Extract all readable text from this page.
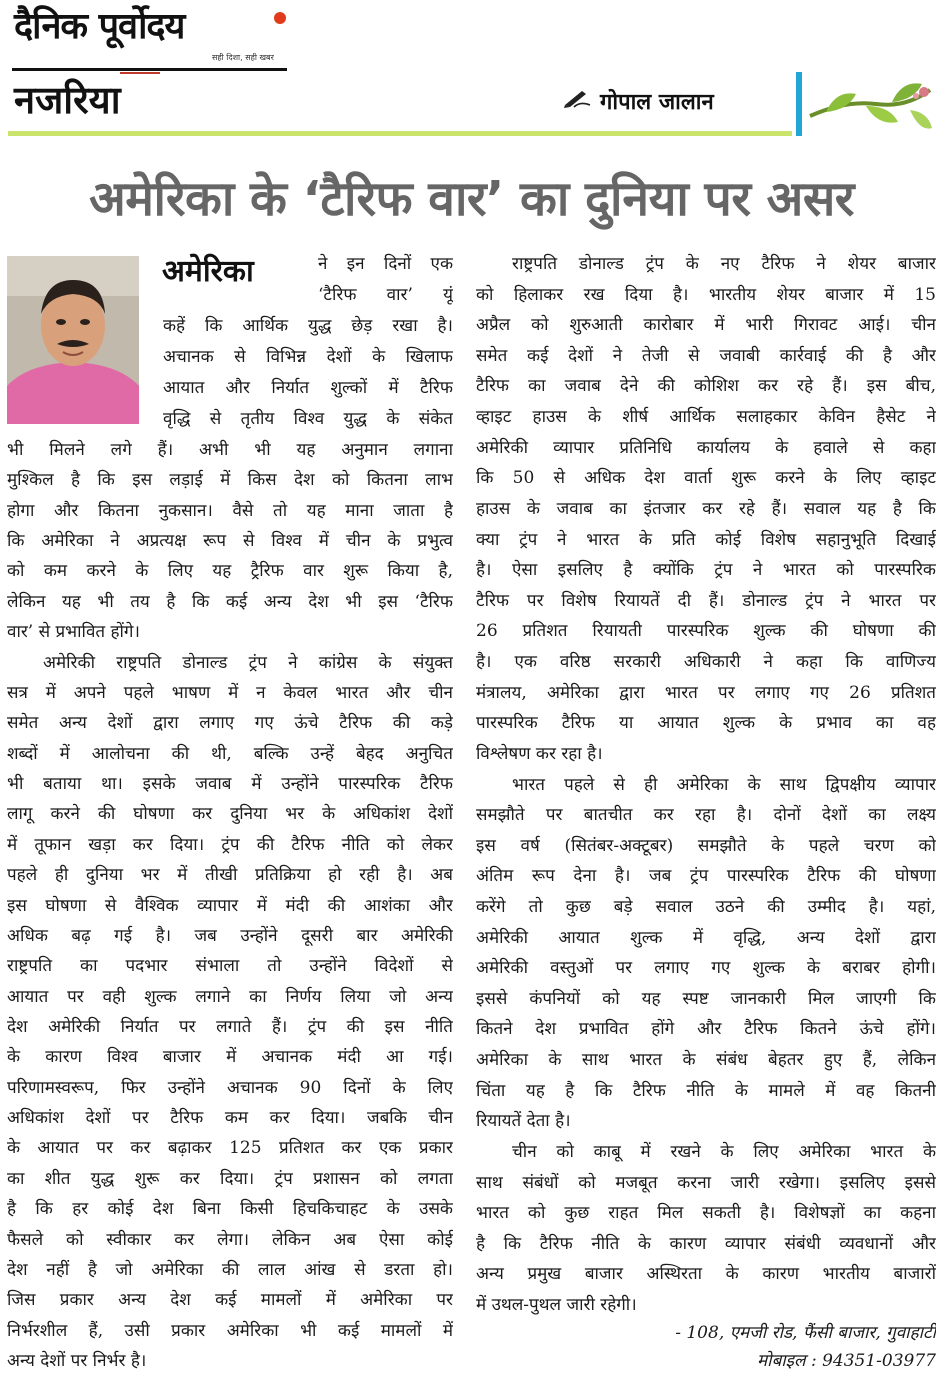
दैनिक पूर्वोदय
सही दिशा, सही खबर
नजरिया	गोपाल जालान
अमेरिका के ‘टैरिफ वार’ का दुनिया पर असर
अमेरिका	ने इन दिनों एक
‘टैरिफ वार’ यूं
कहें कि आर्थिक युद्ध छेड़ रखा है।
अचानक से विभिन्न देशों के खिलाफ
आयात और निर्यात शुल्कों में टैरिफ
वृद्धि से तृतीय विश्व युद्ध के संकेत
भी मिलने लगे हैं। अभी भी यह अनुमान लगाना
मुश्किल है कि इस लड़ाई में किस देश को कितना लाभ
होगा और कितना नुकसान। वैसे तो यह माना जाता है
कि अमेरिका ने अप्रत्यक्ष रूप से विश्व में चीन के प्रभुत्व
को कम करने के लिए यह ट्रैरिफ वार शुरू किया है,
लेकिन यह भी तय है कि कई अन्य देश भी इस ‘टैरिफ
वार’ से प्रभावित होंगे।
अमेरिकी राष्ट्रपति डोनाल्ड ट्रंप ने कांग्रेस के संयुक्त
सत्र में अपने पहले भाषण में न केवल भारत और चीन
समेत अन्य देशों द्वारा लगाए गए ऊंचे टैरिफ की कड़े
शब्दों में आलोचना की थी, बल्कि उन्हें बेहद अनुचित
भी बताया था। इसके जवाब में उन्होंने पारस्परिक टैरिफ
लागू करने की घोषणा कर दुनिया भर के अधिकांश देशों
में तूफान खड़ा कर दिया। ट्रंप की टैरिफ नीति को लेकर
पहले ही दुनिया भर में तीखी प्रतिक्रिया हो रही है। अब
इस घोषणा से वैश्विक व्यापार में मंदी की आशंका और
अधिक बढ़ गई है। जब उन्होंने दूसरी बार अमेरिकी
राष्ट्रपति का पदभार संभाला तो उन्होंने विदेशों से
आयात पर वही शुल्क लगाने का निर्णय लिया जो अन्य
देश अमेरिकी निर्यात पर लगाते हैं। ट्रंप की इस नीति
के कारण विश्व बाजार में अचानक मंदी आ गई।
परिणामस्वरूप, फिर उन्होंने अचानक 90 दिनों के लिए
अधिकांश देशों पर टैरिफ कम कर दिया। जबकि चीन
के आयात पर कर बढ़ाकर 125 प्रतिशत कर एक प्रकार
का शीत युद्ध शुरू कर दिया। ट्रंप प्रशासन को लगता
है कि हर कोई देश बिना किसी हिचकिचाहट के उसके
फैसले को स्वीकार कर लेगा। लेकिन अब ऐसा कोई
देश नहीं है जो अमेरिका की लाल आंख से डरता हो।
जिस प्रकार अन्य देश कई मामलों में अमेरिका पर
निर्भरशील हैं, उसी प्रकार अमेरिका भी कई मामलों में
अन्य देशों पर निर्भर है।
राष्ट्रपति डोनाल्ड ट्रंप के नए टैरिफ ने शेयर बाजार
को हिलाकर रख दिया है। भारतीय शेयर बाजार में 15
अप्रैल को शुरुआती कारोबार में भारी गिरावट आई। चीन
समेत कई देशों ने तेजी से जवाबी कार्रवाई की है और
टैरिफ का जवाब देने की कोशिश कर रहे हैं। इस बीच,
व्हाइट हाउस के शीर्ष आर्थिक सलाहकार केविन हैसेट ने
अमेरिकी व्यापार प्रतिनिधि कार्यालय के हवाले से कहा
कि 50 से अधिक देश वार्ता शुरू करने के लिए व्हाइट
हाउस के जवाब का इंतजार कर रहे हैं। सवाल यह है कि
क्या ट्रंप ने भारत के प्रति कोई विशेष सहानुभूति दिखाई
है। ऐसा इसलिए है क्योंकि ट्रंप ने भारत को पारस्परिक
टैरिफ पर विशेष रियायतें दी हैं। डोनाल्ड ट्रंप ने भारत पर
26 प्रतिशत रियायती पारस्परिक शुल्क की घोषणा की
है। एक वरिष्ठ सरकारी अधिकारी ने कहा कि वाणिज्य
मंत्रालय, अमेरिका द्वारा भारत पर लगाए गए 26 प्रतिशत
पारस्परिक टैरिफ या आयात शुल्क के प्रभाव का वह
विश्लेषण कर रहा है।
भारत पहले से ही अमेरिका के साथ द्विपक्षीय व्यापार
समझौते पर बातचीत कर रहा है। दोनों देशों का लक्ष्य
इस वर्ष (सितंबर-अक्टूबर) समझौते के पहले चरण को
अंतिम रूप देना है। जब ट्रंप पारस्परिक टैरिफ की घोषणा
करेंगे तो कुछ बड़े सवाल उठने की उम्मीद है। यहां,
अमेरिकी आयात शुल्क में वृद्धि, अन्य देशों द्वारा
अमेरिकी वस्तुओं पर लगाए गए शुल्क के बराबर होगी।
इससे कंपनियों को यह स्पष्ट जानकारी मिल जाएगी कि
कितने देश प्रभावित होंगे और टैरिफ कितने ऊंचे होंगे।
अमेरिका के साथ भारत के संबंध बेहतर हुए हैं, लेकिन
चिंता यह है कि टैरिफ नीति के मामले में वह कितनी
रियायतें देता है।
चीन को काबू में रखने के लिए अमेरिका भारत के
साथ संबंधों को मजबूत करना जारी रखेगा। इसलिए इससे
भारत को कुछ राहत मिल सकती है। विशेषज्ञों का कहना
है कि टैरिफ नीति के कारण व्यापार संबंधी व्यवधानों और
अन्य प्रमुख बाजार अस्थिरता के कारण भारतीय बाजारों
में उथल-पुथल जारी रहेगी।
- 108, एमजी रोड, फैंसी बाजार, गुवाहाटी
मोबाइल : 94351-03977
